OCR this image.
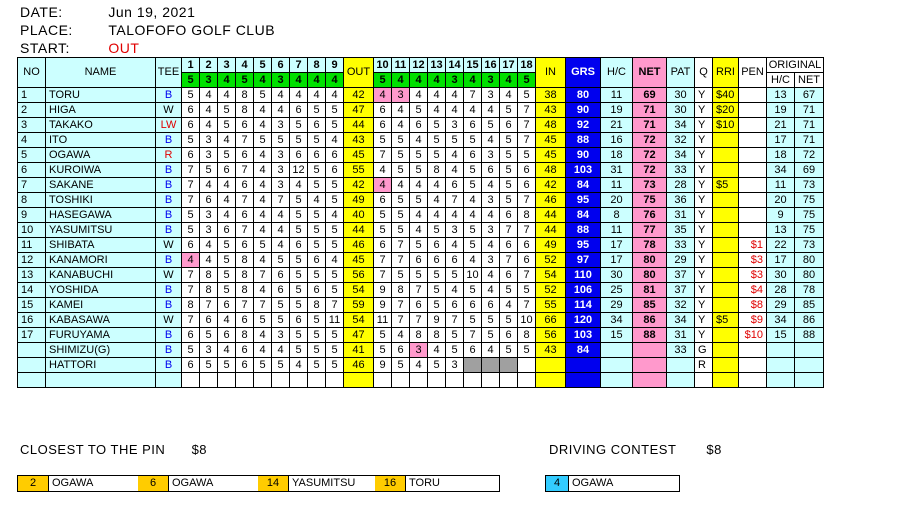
DATE:	Jun 19, 2021
PLACE:	TALOFOFO GOLF CLUB
START:	OUT
NO	NAME	TEE	1	2	3	4	5	6	7	8	9	OUT	10	11	12	13	14	15	16	17	18	IN	GRS	H/C	NET	PAT	Q	RRI	PEN	ORIGINAL	
			5	3	4	5	4	3	4	4	4		5	4	4	4	3	4	3	4	5									H/C	NET
1	TORU	B	5	4	4	8	5	4	4	4	4	42	4	3	4	4	4	7	3	4	5	38	80	11	69	30	Y	$40		13	67
2	HIGA	W	6	4	5	8	4	4	6	5	5	47	6	4	5	4	4	4	4	5	7	43	90	19	71	30	Y	$20		19	71
3	TAKAKO	LW	6	4	5	6	4	3	5	6	5	44	6	4	6	5	3	6	5	6	7	48	92	21	71	34	Y	$10		21	71
4	ITO	B	5	3	4	7	5	5	5	5	4	43	5	5	4	5	5	5	4	5	7	45	88	16	72	32	Y			17	71
5	OGAWA	R	6	3	5	6	4	3	6	6	6	45	7	5	5	5	4	6	3	5	5	45	90	18	72	34	Y			18	72
6	KUROIWA	B	7	5	6	7	4	3	12	5	6	55	4	5	5	8	4	5	6	5	6	48	103	31	72	33	Y			34	69
7	SAKANE	B	7	4	4	6	4	3	4	5	5	42	4	4	4	4	6	5	4	5	6	42	84	11	73	28	Y	$5		11	73
8	TOSHIKI	B	7	6	4	7	4	7	5	4	5	49	6	5	5	4	7	4	3	5	7	46	95	20	75	36	Y			20	75
9	HASEGAWA	B	5	3	4	6	4	4	5	5	4	40	5	5	4	4	4	4	4	6	8	44	84	8	76	31	Y			9	75
10	YASUMITSU	B	5	3	6	7	4	4	5	5	5	44	5	5	4	5	3	5	3	7	7	44	88	11	77	35	Y			13	75
11	SHIBATA	W	6	4	5	6	5	4	6	5	5	46	6	7	5	6	4	5	4	6	6	49	95	17	78	33	Y		$1	22	73
12	KANAMORI	B	4	4	5	8	4	5	5	6	4	45	7	7	6	6	6	4	3	7	6	52	97	17	80	29	Y		$3	17	80
13	KANABUCHI	W	7	8	5	8	7	6	5	5	5	56	7	5	5	5	5	10	4	6	7	54	110	30	80	37	Y		$3	30	80
14	YOSHIDA	B	7	8	5	8	4	6	5	6	5	54	9	8	7	5	4	5	4	5	5	52	106	25	81	37	Y		$4	28	78
15	KAMEI	B	8	7	6	7	7	5	5	8	7	59	9	7	6	5	6	6	6	4	7	55	114	29	85	32	Y		$8	29	85
16	KABASAWA	W	7	6	4	6	5	5	6	5	11	54	11	7	7	9	7	5	5	5	10	66	120	34	86	34	Y	$5	$9	34	86
17	FURUYAMA	B	6	5	6	8	4	3	5	5	5	47	5	4	8	8	5	7	5	6	8	56	103	15	88	31	Y		$10	15	88
	SHIMIZU(G)	B	5	3	4	6	4	4	5	5	5	41	5	6	3	4	5	6	4	5	5	43	84			33	G				
	HATTORI	B	6	5	5	6	5	5	4	5	5	46	9	5	4	5	3										R				

CLOSEST TO THE PIN $8	DRIVING CONTEST $8
2	OGAWA	6	OGAWA	14	YASUMITSU	16	TORU	4	OGAWA
